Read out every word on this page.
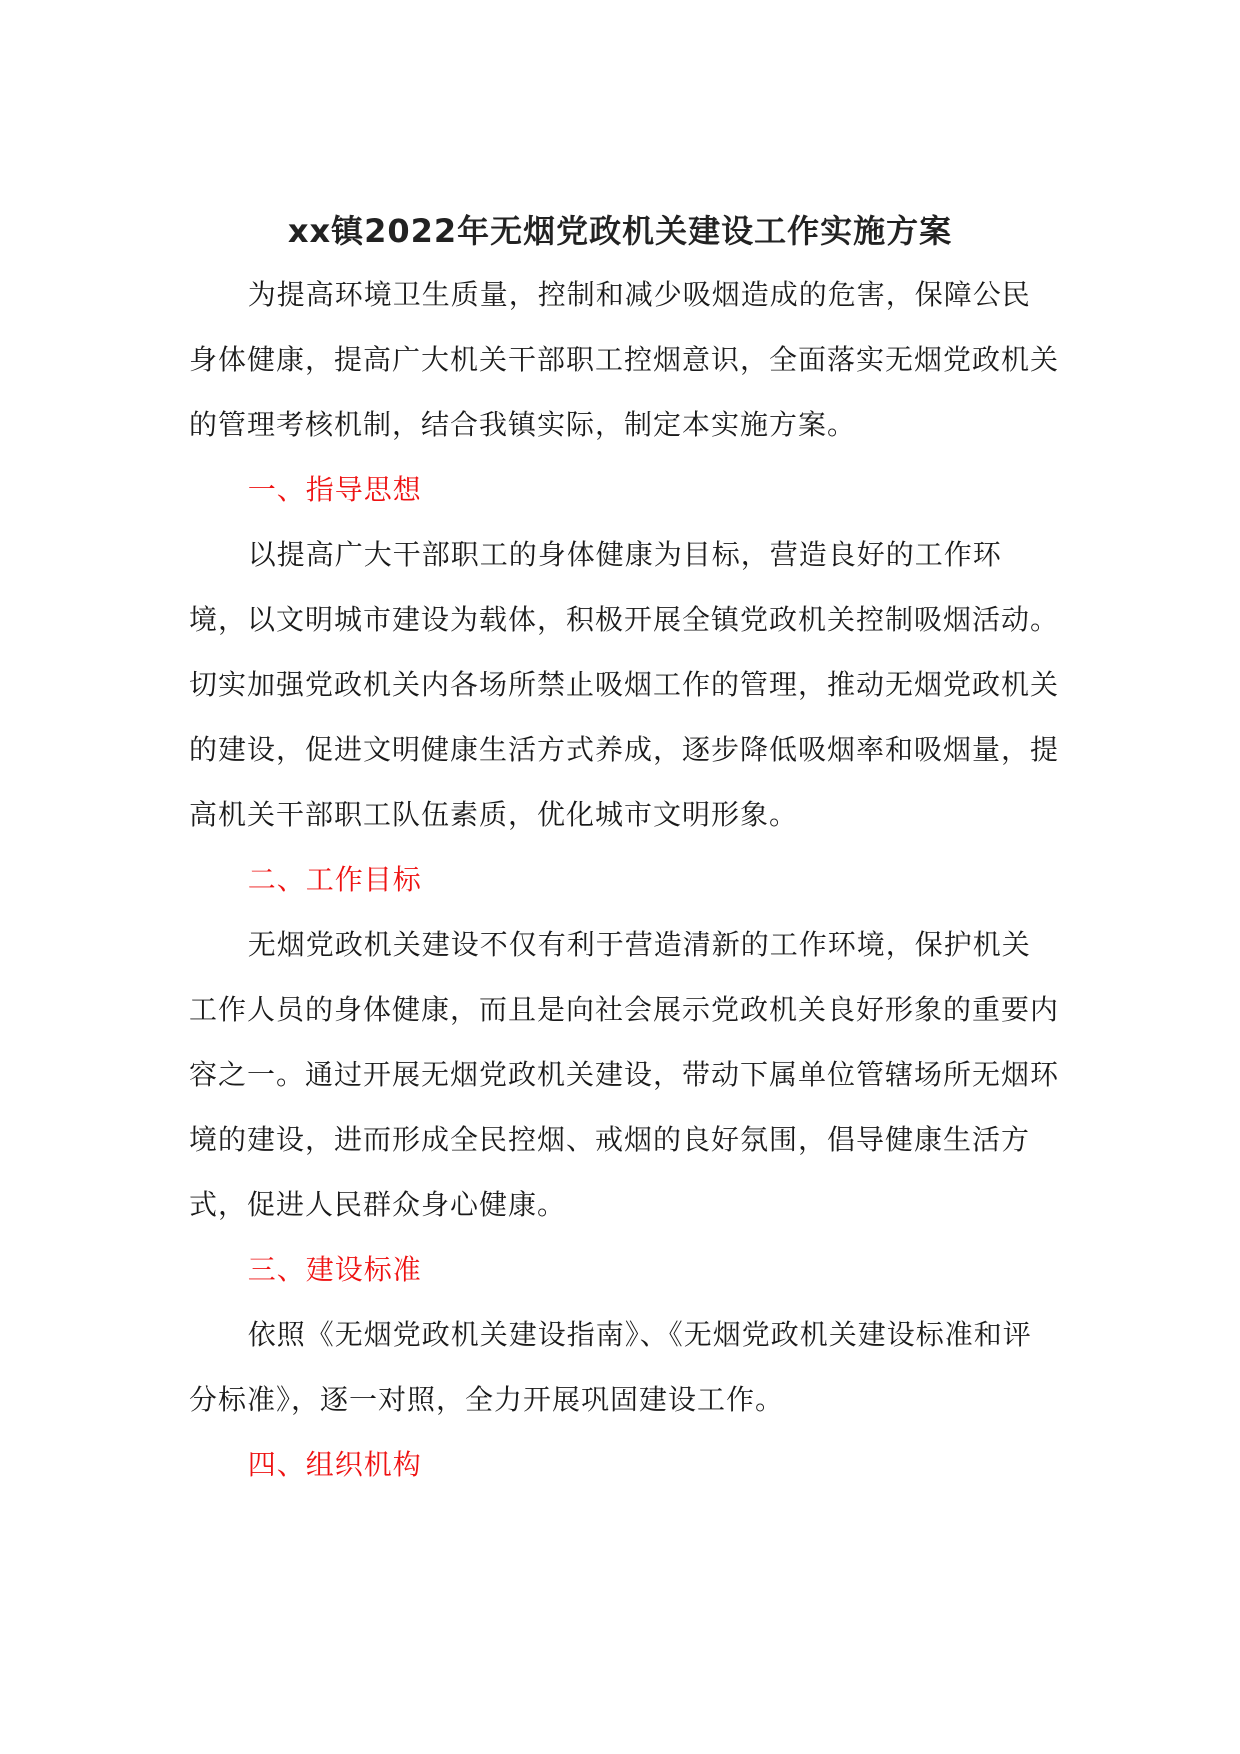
xx镇2022年无烟党政机关建设工作实施方案

为提高环境卫生质量，控制和减少吸烟造成的危害，保障公民身体健康，提高广大机关干部职工控烟意识，全面落实无烟党政机关的管理考核机制，结合我镇实际，制定本实施方案。

一、指导思想

以提高广大干部职工的身体健康为目标，营造良好的工作环境，以文明城市建设为载体，积极开展全镇党政机关控制吸烟活动。切实加强党政机关内各场所禁止吸烟工作的管理，推动无烟党政机关的建设，促进文明健康生活方式养成，逐步降低吸烟率和吸烟量，提高机关干部职工队伍素质，优化城市文明形象。

二、工作目标

无烟党政机关建设不仅有利于营造清新的工作环境，保护机关工作人员的身体健康，而且是向社会展示党政机关良好形象的重要内容之一。通过开展无烟党政机关建设，带动下属单位管辖场所无烟环境的建设，进而形成全民控烟、戒烟的良好氛围，倡导健康生活方式，促进人民群众身心健康。

三、建设标准

依照《无烟党政机关建设指南》、《无烟党政机关建设标准和评分标准》，逐一对照，全力开展巩固建设工作。

四、组织机构
